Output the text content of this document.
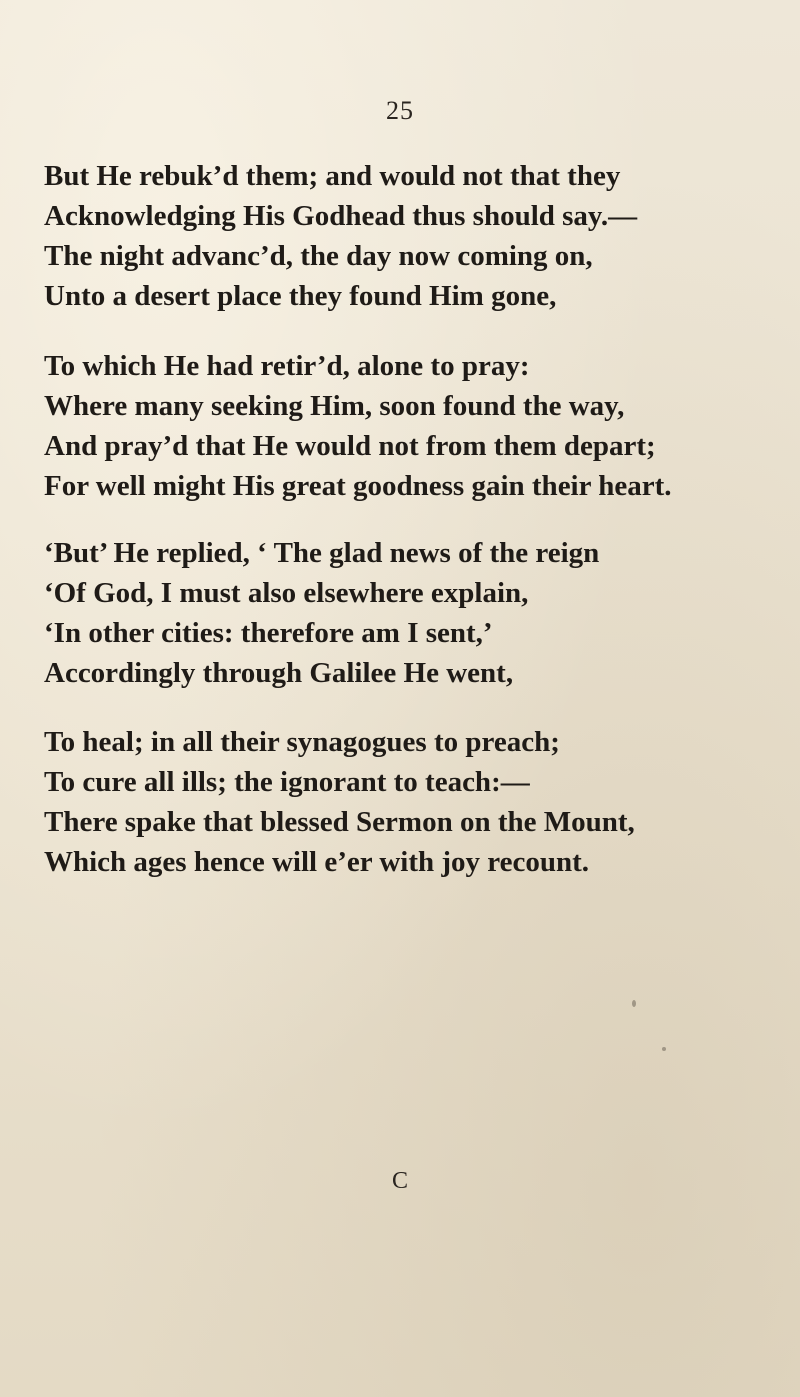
25
But He rebuk’d them; and would not that they
Acknowledging His Godhead thus should say.—
The night advanc’d, the day now coming on,
Unto a desert place they found Him gone,
To which He had retir’d, alone to pray:
Where many seeking Him, soon found the way,
And pray’d that He would not from them depart;
For well might His great goodness gain their heart.
‘But’ He replied, ‘ The glad news of the reign
‘Of God, I must also elsewhere explain,
‘In other cities: therefore am I sent,’
Accordingly through Galilee He went,
To heal; in all their synagogues to preach;
To cure all ills; the ignorant to teach:—
There spake that blessed Sermon on the Mount,
Which ages hence will e’er with joy recount.
C
